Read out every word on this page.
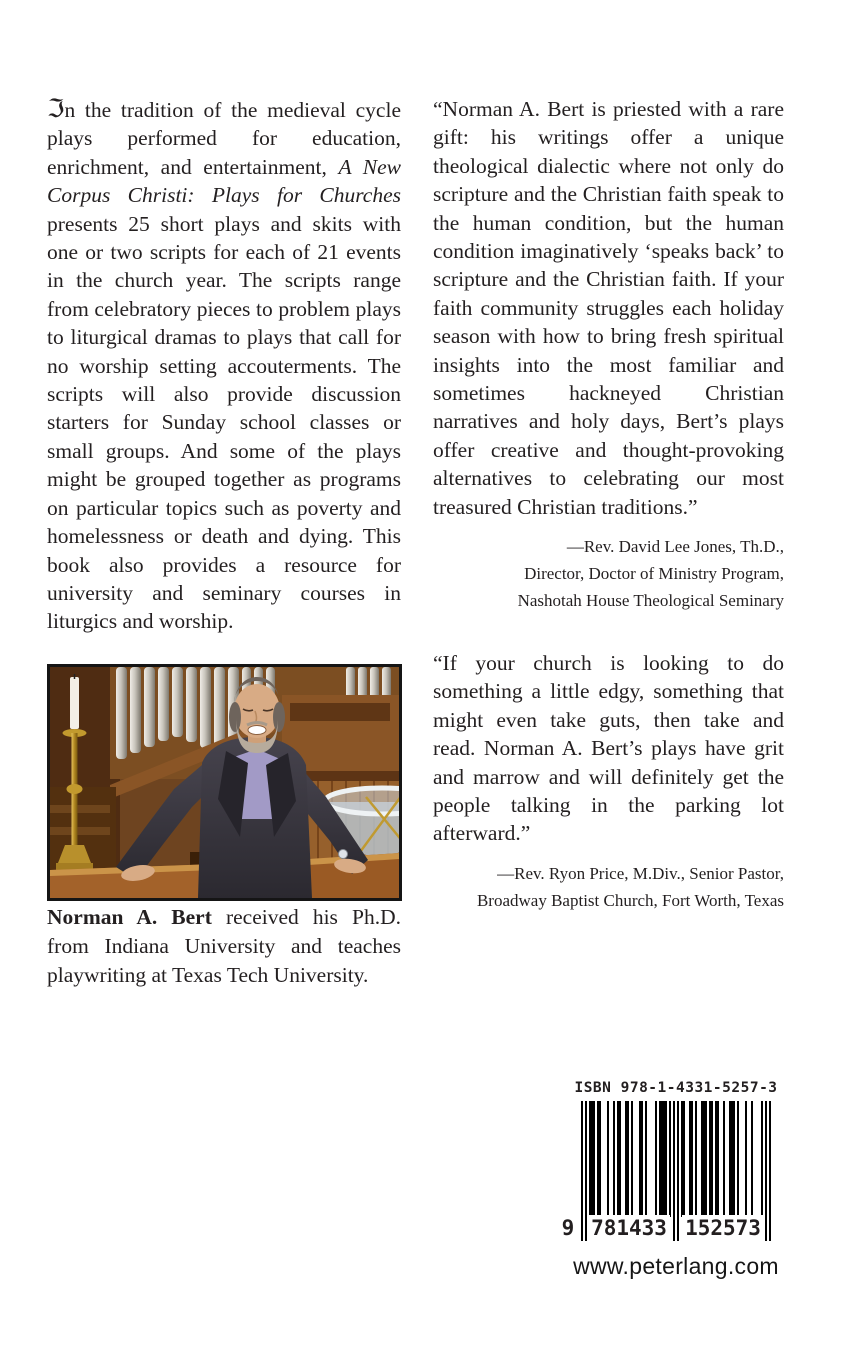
ℑn the tradition of the medieval cycle plays performed for education, enrichment, and entertainment, A New Corpus Christi: Plays for Churches presents 25 short plays and skits with one or two scripts for each of 21 events in the church year. The scripts range from celebratory pieces to problem plays to liturgical dramas to plays that call for no worship setting accouterments. The scripts will also provide discussion starters for Sunday school classes or small groups. And some of the plays might be grouped together as programs on particular topics such as poverty and homelessness or death and dying. This book also provides a resource for university and seminary courses in liturgics and worship.

Norman A. Bert received his Ph.D. from Indiana University and teaches playwriting at Texas Tech University.

“Norman A. Bert is priested with a rare gift: his writings offer a unique theological dialectic where not only do scripture and the Christian faith speak to the human condition, but the human condition imaginatively ‘speaks back’ to scripture and the Christian faith. If your faith community struggles each holiday season with how to bring fresh spiritual insights into the most familiar and sometimes hackneyed Christian narratives and holy days, Bert’s plays offer creative and thought-provoking alternatives to celebrating our most treasured Christian traditions.”

—Rev. David Lee Jones, Th.D.,
Director, Doctor of Ministry Program,
Nashotah House Theological Seminary

“If your church is looking to do something a little edgy, something that might even take guts, then take and read. Norman A. Bert’s plays have grit and marrow and will definitely get the people talking in the parking lot afterward.”

—Rev. Ryon Price, M.Div., Senior Pastor,
Broadway Baptist Church, Fort Worth, Texas
ISBN 978-1-4331-5257-3
9 781433 152573
www.peterlang.com
